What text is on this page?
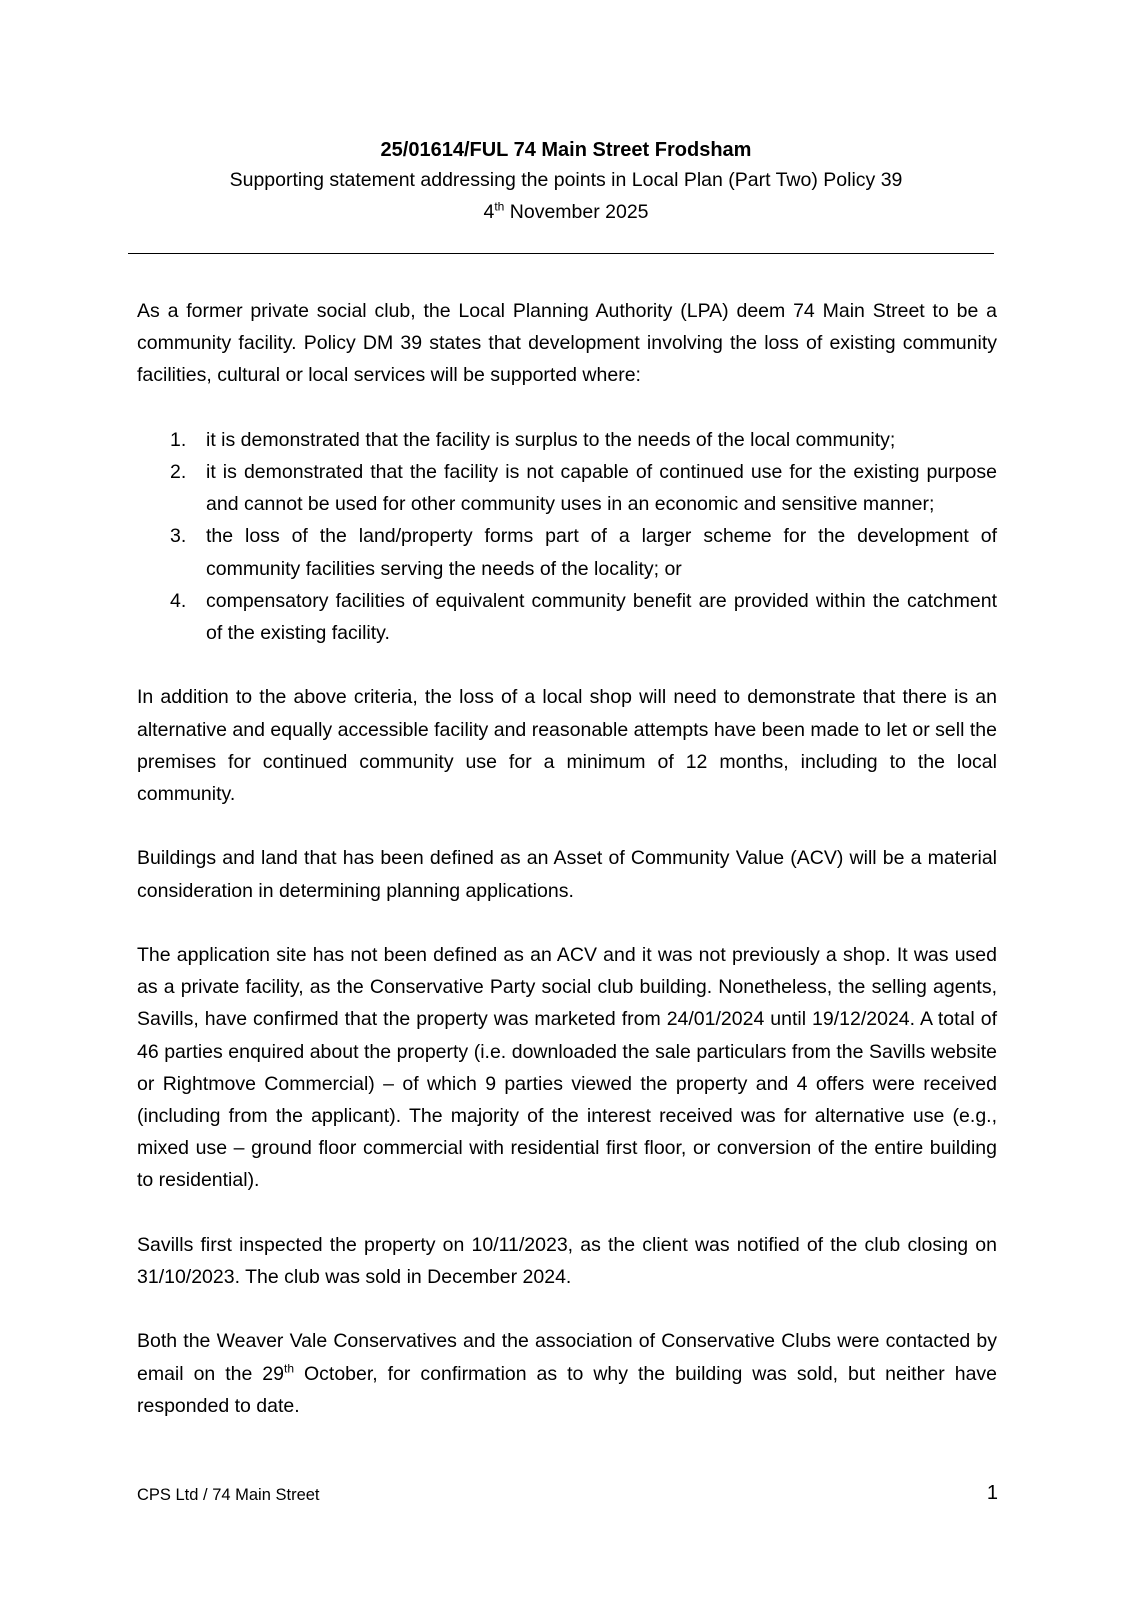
25/01614/FUL 74 Main Street Frodsham

Supporting statement addressing the points in Local Plan (Part Two) Policy 39

4th November 2025

As a former private social club, the Local Planning Authority (LPA) deem 74 Main Street to be a community facility. Policy DM 39 states that development involving the loss of existing community facilities, cultural or local services will be supported where:

1. it is demonstrated that the facility is surplus to the needs of the local community;
2. it is demonstrated that the facility is not capable of continued use for the existing purpose and cannot be used for other community uses in an economic and sensitive manner;
3. the loss of the land/property forms part of a larger scheme for the development of community facilities serving the needs of the locality; or
4. compensatory facilities of equivalent community benefit are provided within the catchment of the existing facility.

In addition to the above criteria, the loss of a local shop will need to demonstrate that there is an alternative and equally accessible facility and reasonable attempts have been made to let or sell the premises for continued community use for a minimum of 12 months, including to the local community.

Buildings and land that has been defined as an Asset of Community Value (ACV) will be a material consideration in determining planning applications.

The application site has not been defined as an ACV and it was not previously a shop. It was used as a private facility, as the Conservative Party social club building. Nonetheless, the selling agents, Savills, have confirmed that the property was marketed from 24/01/2024 until 19/12/2024. A total of 46 parties enquired about the property (i.e. downloaded the sale particulars from the Savills website or Rightmove Commercial) – of which 9 parties viewed the property and 4 offers were received (including from the applicant). The majority of the interest received was for alternative use (e.g., mixed use – ground floor commercial with residential first floor, or conversion of the entire building to residential).

Savills first inspected the property on 10/11/2023, as the client was notified of the club closing on 31/10/2023. The club was sold in December 2024.

Both the Weaver Vale Conservatives and the association of Conservative Clubs were contacted by email on the 29th October, for confirmation as to why the building was sold, but neither have responded to date.

CPS Ltd / 74 Main Street	1
